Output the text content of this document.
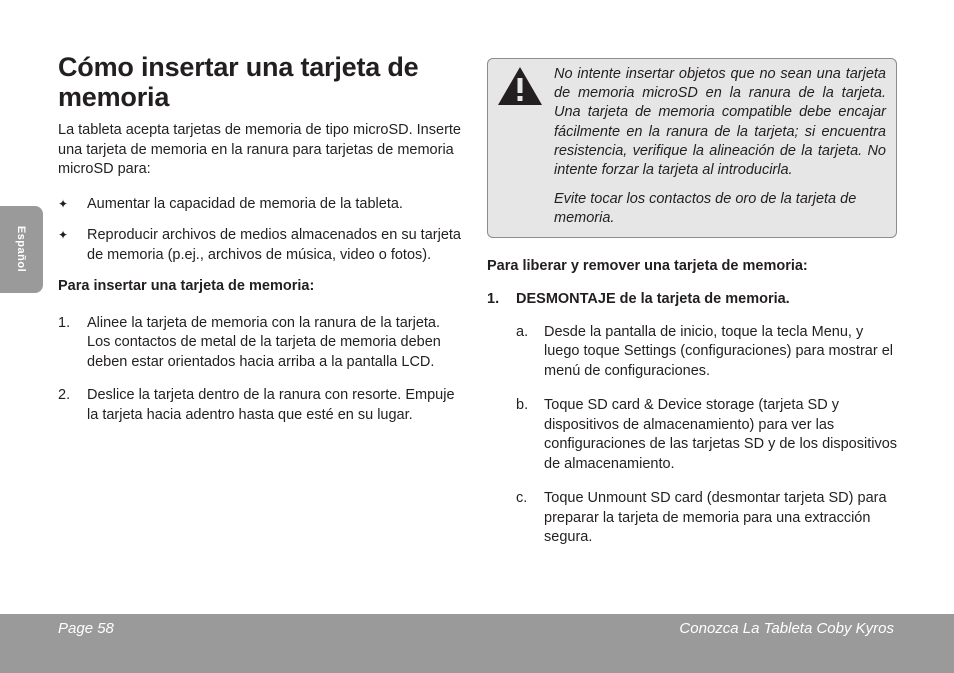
Español
Cómo insertar una tarjeta de memoria

La tableta acepta tarjetas de memoria de tipo microSD. Inserte una tarjeta de memoria en la ranura para tarjetas de memoria microSD para:

✦ Aumentar la capacidad de memoria de la tableta.
✦ Reproducir archivos de medios almacenados en su tarjeta de memoria (p.ej., archivos de música, video o fotos).

Para insertar una tarjeta de memoria:

1. Alinee la tarjeta de memoria con la ranura de la tarjeta. Los contactos de metal de la tarjeta de memoria deben deben estar orientados hacia arriba a la pantalla LCD.
2. Deslice la tarjeta dentro de la ranura con resorte. Empuje la tarjeta hacia adentro hasta que esté en su lugar.

No intente insertar objetos que no sean una tarjeta de memoria microSD en la ranura de la tarjeta. Una tarjeta de memoria compatible debe encajar fácilmente en la ranura de la tarjeta; si encuentra resistencia, verifique la alineación de la tarjeta. No intente forzar la tarjeta al introducirla.

Evite tocar los contactos de oro de la tarjeta de memoria.

Para liberar y remover una tarjeta de memoria:

1. DESMONTAJE de la tarjeta de memoria.
a. Desde la pantalla de inicio, toque la tecla Menu, y luego toque Settings (configuraciones) para mostrar el menú de configuraciones.
b. Toque SD card & Device storage (tarjeta SD y dispositivos de almacenamiento) para ver las configuraciones de las tarjetas SD y de los dispositivos de almacenamiento.
c. Toque Unmount SD card (desmontar tarjeta SD) para preparar la tarjeta de memoria para una extracción segura.
Page 58	Conozca La Tableta Coby Kyros
